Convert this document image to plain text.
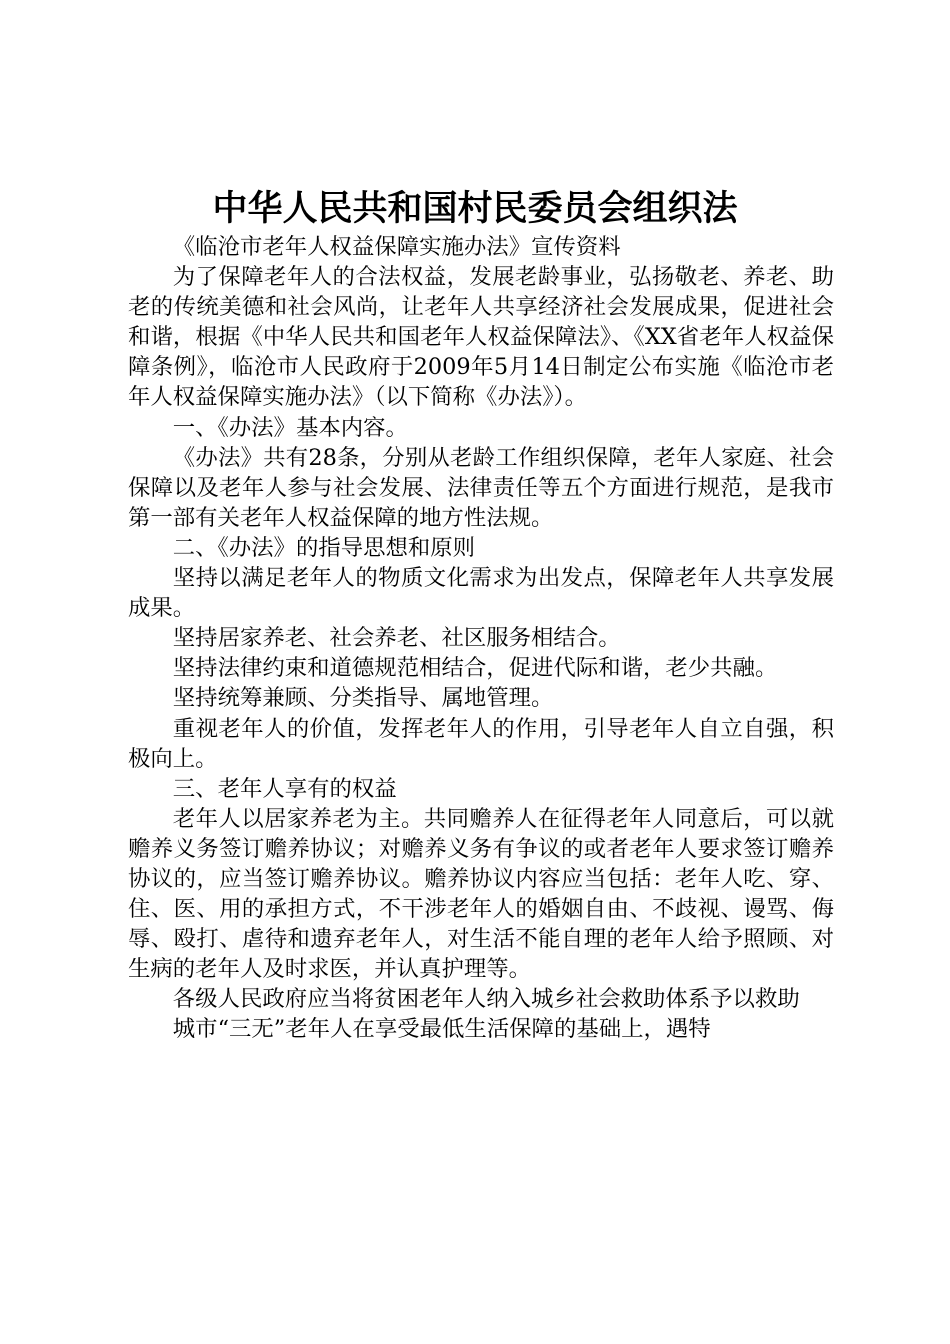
中华人民共和国村民委员会组织法

《临沧市老年人权益保障实施办法》宣传资料

为了保障老年人的合法权益，发展老龄事业，弘扬敬老、养老、助老的传统美德和社会风尚，让老年人共享经济社会发展成果，促进社会和谐，根据《中华人民共和国老年人权益保障法》、《XX省老年人权益保障条例》，临沧市人民政府于2009年5月14日制定公布实施《临沧市老年人权益保障实施办法》（以下简称《办法》）。

一、《办法》基本内容。

《办法》共有28条，分别从老龄工作组织保障，老年人家庭、社会保障以及老年人参与社会发展、法律责任等五个方面进行规范，是我市第一部有关老年人权益保障的地方性法规。

二、《办法》的指导思想和原则

坚持以满足老年人的物质文化需求为出发点，保障老年人共享发展成果。

坚持居家养老、社会养老、社区服务相结合。

坚持法律约束和道德规范相结合，促进代际和谐，老少共融。

坚持统筹兼顾、分类指导、属地管理。

重视老年人的价值，发挥老年人的作用，引导老年人自立自强，积极向上。

三、老年人享有的权益

老年人以居家养老为主。共同赡养人在征得老年人同意后，可以就赡养义务签订赡养协议；对赡养义务有争议的或者老年人要求签订赡养协议的，应当签订赡养协议。赡养协议内容应当包括：老年人吃、穿、住、医、用的承担方式，不干涉老年人的婚姻自由、不歧视、谩骂、侮辱、殴打、虐待和遗弃老年人，对生活不能自理的老年人给予照顾、对生病的老年人及时求医，并认真护理等。

各级人民政府应当将贫困老年人纳入城乡社会救助体系予以救助

城市“三无”老年人在享受最低生活保障的基础上，遇特
